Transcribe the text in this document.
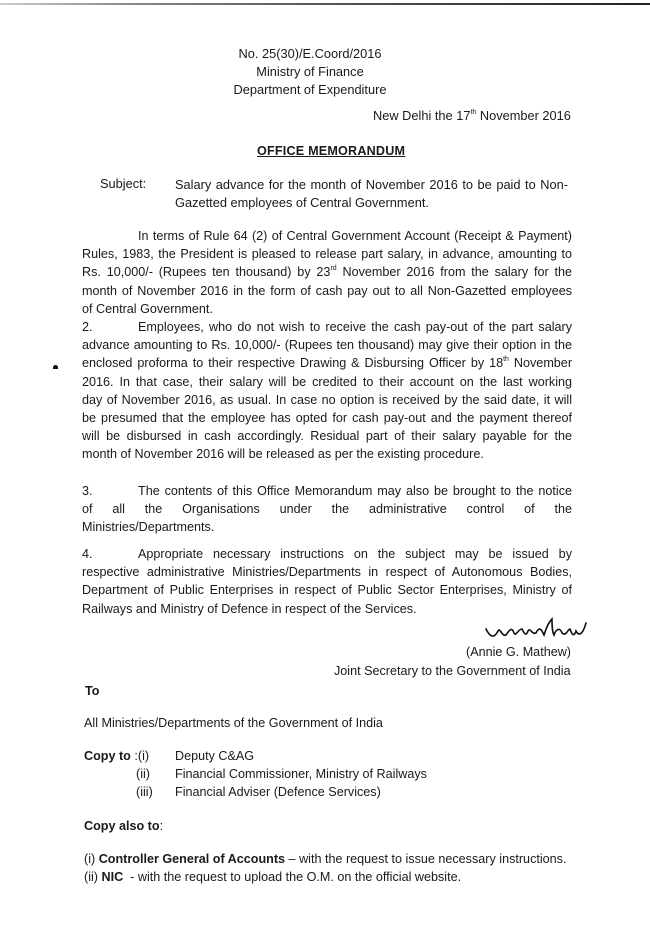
No. 25(30)/E.Coord/2016
Ministry of Finance
Department of Expenditure
New Delhi the 17th November 2016
OFFICE MEMORANDUM
Subject: Salary advance for the month of November 2016 to be paid to Non-Gazetted employees of Central Government.
In terms of Rule 64 (2) of Central Government Account (Receipt & Payment)
Rules, 1983, the President is pleased to release part salary, in advance, amounting to
Rs. 10,000/- (Rupees ten thousand) by 23rd November 2016 from the salary for the
month of November 2016 in the form of cash pay out to all Non-Gazetted employees
of Central Government.
2.	Employees, who do not wish to receive the cash pay-out of the part salary
advance amounting to Rs. 10,000/- (Rupees ten thousand) may give their option in the
enclosed proforma to their respective Drawing & Disbursing Officer by 18th November
2016. In that case, their salary will be credited to their account on the last working
day of November 2016, as usual. In case no option is received by the said date, it will
be presumed that the employee has opted for cash pay-out and the payment thereof
will be disbursed in cash accordingly. Residual part of their salary payable for the
month of November 2016 will be released as per the existing procedure.
3.	The contents of this Office Memorandum may also be brought to the notice
of all the Organisations under the administrative control of the
Ministries/Departments.
4.	Appropriate necessary instructions on the subject may be issued by
respective administrative Ministries/Departments in respect of Autonomous Bodies,
Department of Public Enterprises in respect of Public Sector Enterprises, Ministry of
Railways and Ministry of Defence in respect of the Services.
(Annie G. Mathew)
Joint Secretary to the Government of India
To
All Ministries/Departments of the Government of India
Copy to :(i) Deputy C&AG
(ii) Financial Commissioner, Ministry of Railways
(iii) Financial Adviser (Defence Services)
Copy also to:
(i) Controller General of Accounts – with the request to issue necessary instructions.
(ii) NIC  - with the request to upload the O.M. on the official website.
